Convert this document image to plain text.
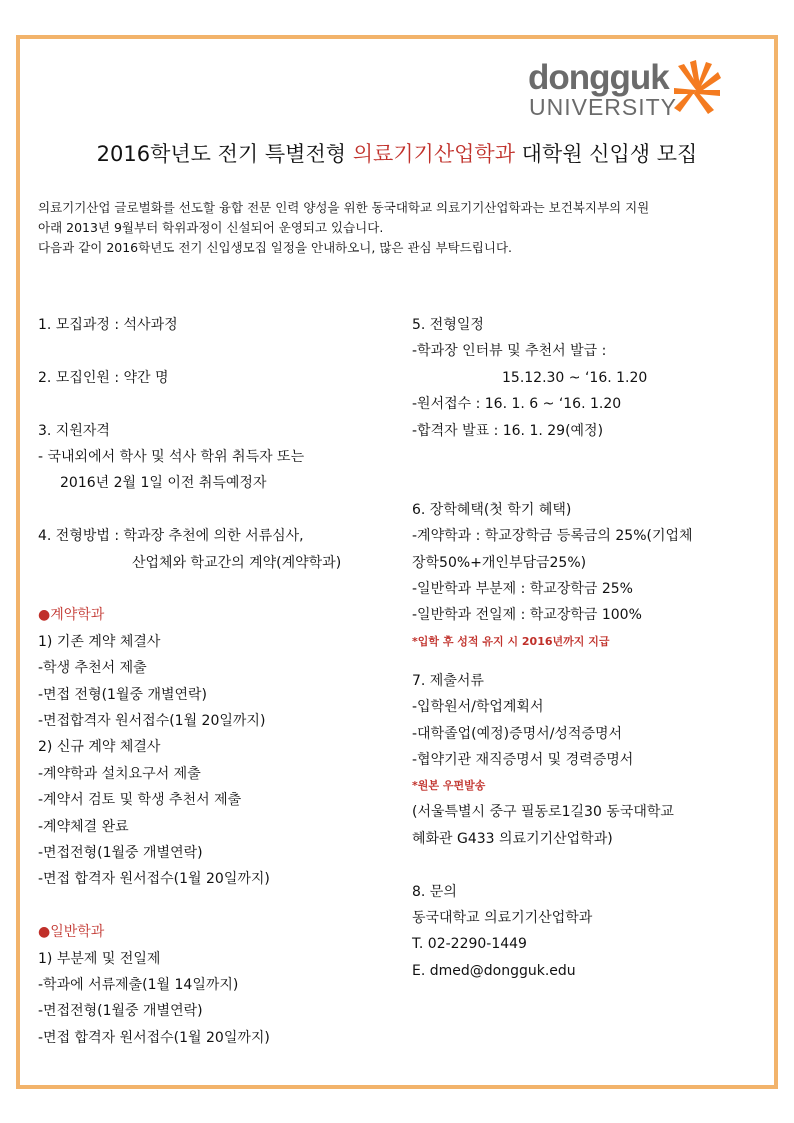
dongguk
UNIVERSITY
2016학년도 전기 특별전형 의료기기산업학과 대학원 신입생 모집

의료기기산업 글로벌화를 선도할 융합 전문 인력 양성을 위한 동국대학교 의료기기산업학과는 보건복지부의 지원

아래 2013년 9월부터 학위과정이 신설되어 운영되고 있습니다.

다음과 같이 2016학년도 전기 신입생모집 일정을 안내하오니, 많은 관심 부탁드립니다.

1. 모집과정 : 석사과정
2. 모집인원 : 약간 명
3. 지원자격
- 국내외에서 학사 및 석사 학위 취득자 또는
2016년 2월 1일 이전 취득예정자
4. 전형방법 : 학과장 추천에 의한 서류심사,
산업체와 학교간의 계약(계약학과)
●계약학과
1) 기존 계약 체결사
-학생 추천서 제출
-면접 전형(1월중 개별연락)
-면접합격자 원서접수(1월 20일까지)
2) 신규 계약 체결사
-계약학과 설치요구서 제출
-계약서 검토 및 학생 추천서 제출
-계약체결 완료
-면접전형(1월중 개별연락)
-면접 합격자 원서접수(1월 20일까지)
●일반학과
1) 부분제 및 전일제
-학과에 서류제출(1월 14일까지)
-면접전형(1월중 개별연락)
-면접 합격자 원서접수(1월 20일까지)
5. 전형일정
-학과장 인터뷰 및 추천서 발급 :
15.12.30 ~ ‘16. 1.20
-원서접수 : 16. 1. 6 ~ ‘16. 1.20
-합격자 발표 : 16. 1. 29(예정)
6. 장학혜택(첫 학기 혜택)
-계약학과 : 학교장학금 등록금의 25%(기업체
장학50%+개인부담금25%)
-일반학과 부분제 : 학교장학금 25%
-일반학과 전일제 : 학교장학금 100%
*입학 후 성적 유지 시 2016년까지 지급
7. 제출서류
-입학원서/학업계획서
-대학졸업(예정)증명서/성적증명서
-협약기관 재직증명서 및 경력증명서
*원본 우편발송
(서울특별시 중구 필동로1길30 동국대학교
혜화관 G433 의료기기산업학과)
8. 문의
동국대학교 의료기기산업학과
T. 02-2290-1449
E. dmed@dongguk.edu
